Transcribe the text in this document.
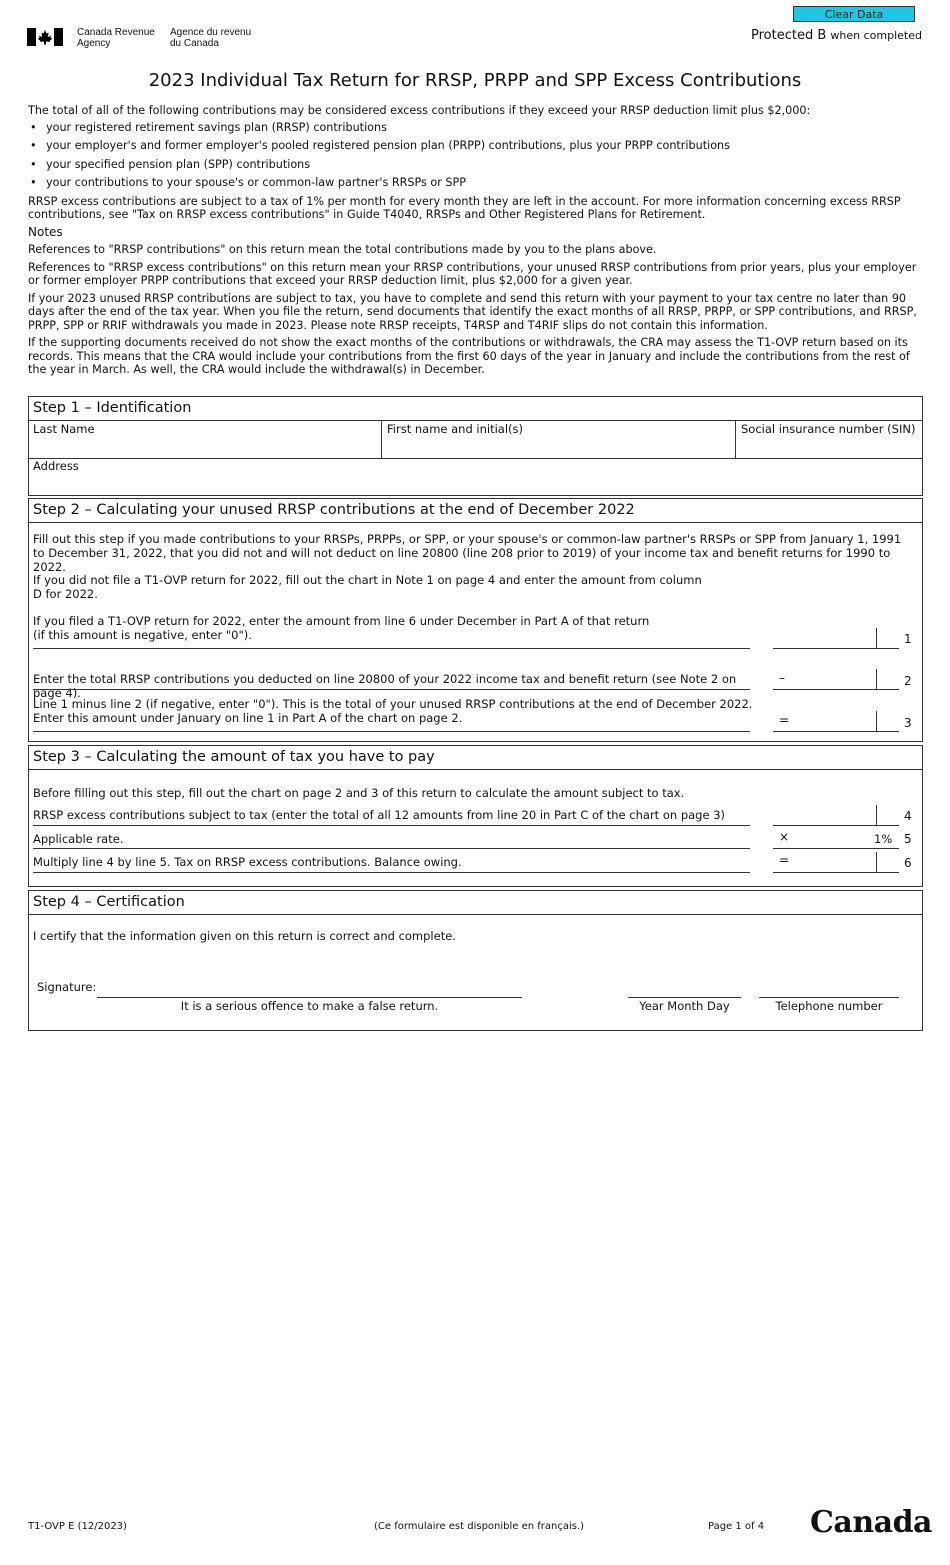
Canada Revenue
Agency
Agence du revenu
du Canada
Clear Data
Protected B when completed
2023 Individual Tax Return for RRSP, PRPP and SPP Excess Contributions

The total of all of the following contributions may be considered excess contributions if they exceed your RRSP deduction limit plus $2,000:

• your registered retirement savings plan (RRSP) contributions
• your employer's and former employer's pooled registered pension plan (PRPP) contributions, plus your PRPP contributions
• your specified pension plan (SPP) contributions
• your contributions to your spouse's or common-law partner's RRSPs or SPP

RRSP excess contributions are subject to a tax of 1% per month for every month they are left in the account. For more information concerning excess RRSP contributions, see "Tax on RRSP excess contributions" in Guide T4040, RRSPs and Other Registered Plans for Retirement.

Notes

References to "RRSP contributions" on this return mean the total contributions made by you to the plans above.

References to "RRSP excess contributions" on this return mean your RRSP contributions, your unused RRSP contributions from prior years, plus your employer or former employer PRPP contributions that exceed your RRSP deduction limit, plus $2,000 for a given year.

If your 2023 unused RRSP contributions are subject to tax, you have to complete and send this return with your payment to your tax centre no later than 90 days after the end of the tax year. When you file the return, send documents that identify the exact months of all RRSP, PRPP, or SPP contributions, and RRSP, PRPP, SPP or RRIF withdrawals you made in 2023. Please note RRSP receipts, T4RSP and T4RIF slips do not contain this information.

If the supporting documents received do not show the exact months of the contributions or withdrawals, the CRA may assess the T1-OVP return based on its records. This means that the CRA would include your contributions from the first 60 days of the year in January and include the contributions from the rest of the year in March. As well, the CRA would include the withdrawal(s) in December.

Step 1 – Identification
Last Name	First name and initial(s)	Social insurance number (SIN)
Address
Step 2 – Calculating your unused RRSP contributions at the end of December 2022
Fill out this step if you made contributions to your RRSPs, PRPPs, or SPP, or your spouse's or common-law partner's RRSPs or SPP from January 1, 1991 to December 31, 2022, that you did not and will not deduct on line 20800 (line 208 prior to 2019) of your income tax and benefit returns for 1990 to 2022.
If you did not file a T1-OVP return for 2022, fill out the chart in Note 1 on page 4 and enter the amount from column D for 2022.
If you filed a T1-OVP return for 2022, enter the amount from line 6 under December in Part A of that return
(if this amount is negative, enter "0").	1
Enter the total RRSP contributions you deducted on line 20800 of your 2022 income tax and benefit return (see Note 2 on page 4).
–	2
Line 1 minus line 2 (if negative, enter "0"). This is the total of your unused RRSP contributions at the end of December 2022.
Enter this amount under January on line 1 in Part A of the chart on page 2.	=	3
Step 3 – Calculating the amount of tax you have to pay
Before filling out this step, fill out the chart on page 2 and 3 of this return to calculate the amount subject to tax.
RRSP excess contributions subject to tax (enter the total of all 12 amounts from line 20 in Part C of the chart on page 3)	4
Applicable rate.	×	1% 5
Multiply line 4 by line 5. Tax on RRSP excess contributions. Balance owing.	=	6
Step 4 – Certification
I certify that the information given on this return is correct and complete.
Signature:
It is a serious offence to make a false return.	Year Month Day	Telephone number
T1-OVP E (12/2023)	(Ce formulaire est disponible en français.)	Page 1 of 4 Canada
